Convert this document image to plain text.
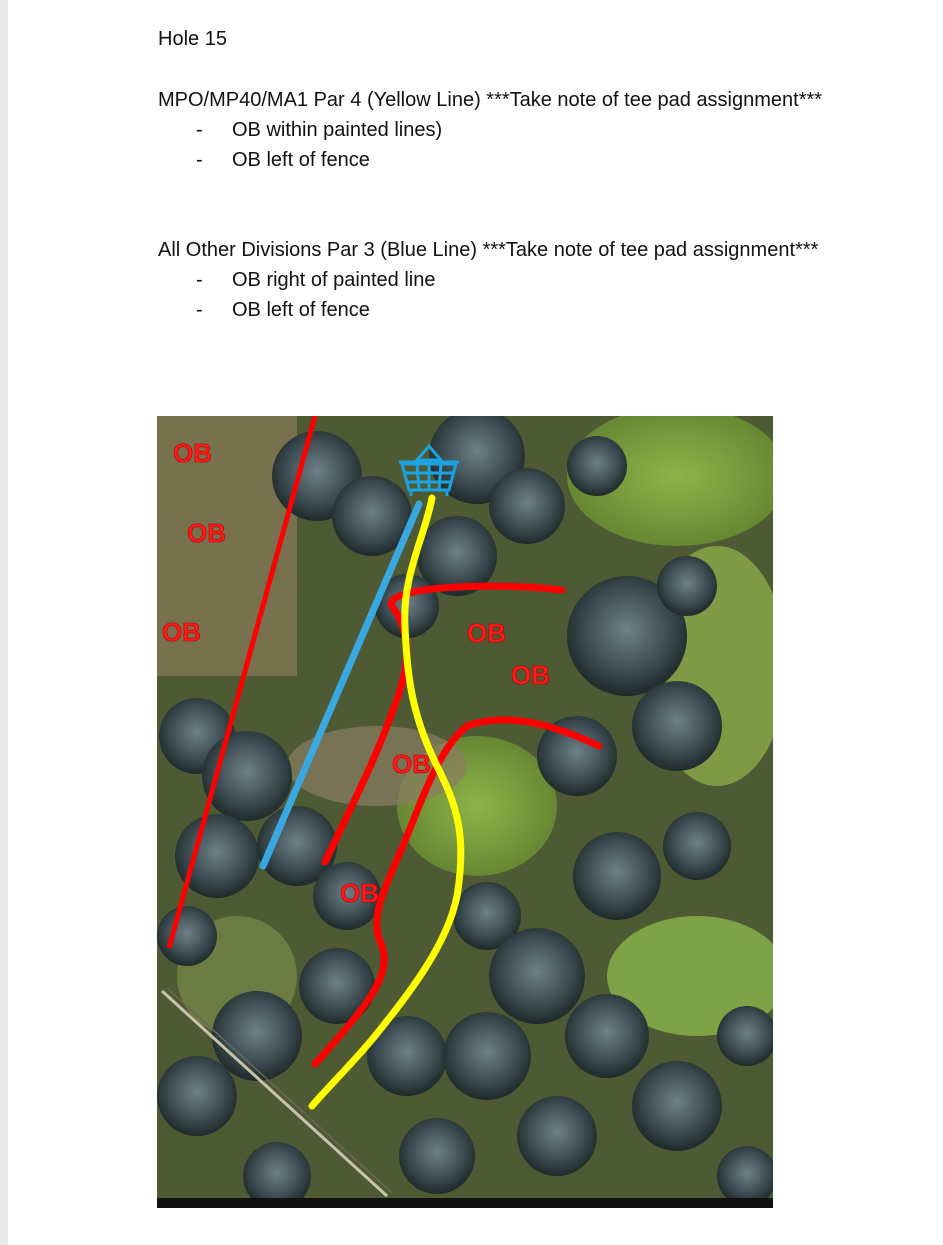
Hole 15
MPO/MP40/MA1 Par 4 (Yellow Line) ***Take note of tee pad assignment***
- OB within painted lines)
- OB left of fence
All Other Divisions Par 3 (Blue Line) ***Take note of tee pad assignment***
- OB right of painted line
- OB left of fence
OB
OB
OB	OB
OB
OB
OB
